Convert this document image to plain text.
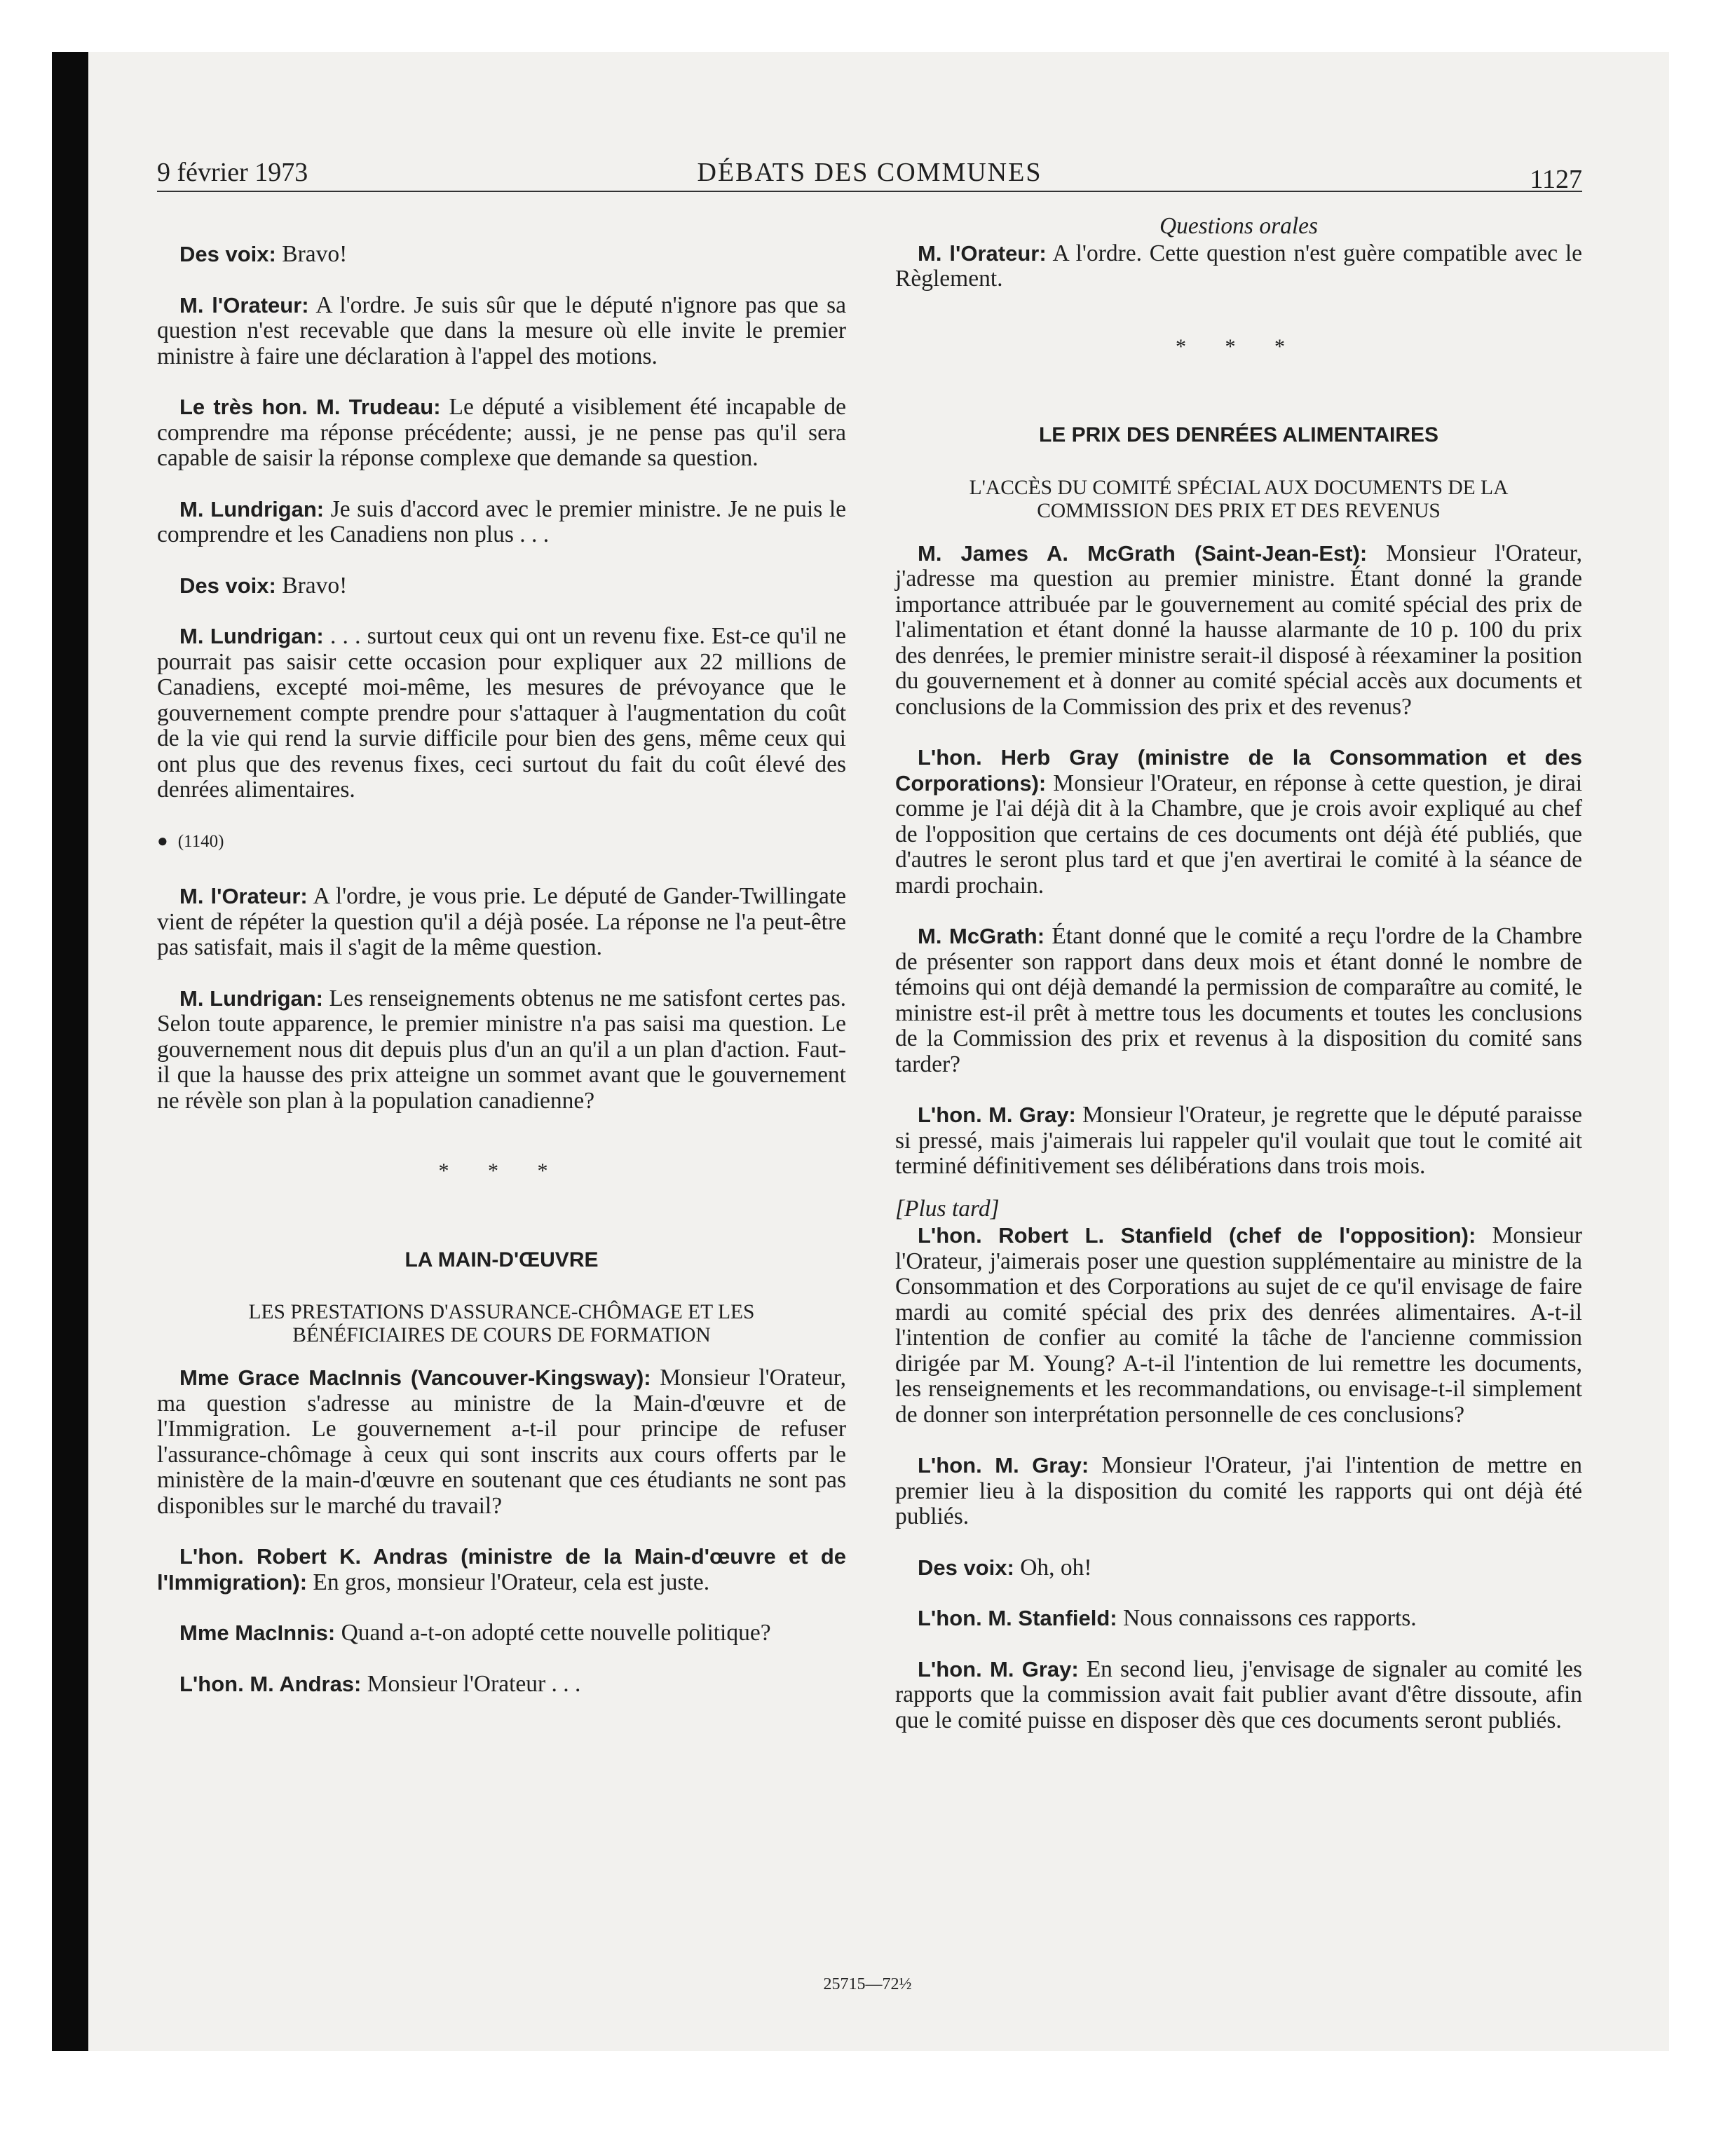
9 février 1973	DÉBATS DES COMMUNES	1127

Des voix: Bravo!

M. l'Orateur: A l'ordre. Je suis sûr que le député n'ignore pas que sa question n'est recevable que dans la mesure où elle invite le premier ministre à faire une déclaration à l'appel des motions.

Le très hon. M. Trudeau: Le député a visiblement été incapable de comprendre ma réponse précédente; aussi, je ne pense pas qu'il sera capable de saisir la réponse complexe que demande sa question.

M. Lundrigan: Je suis d'accord avec le premier ministre. Je ne puis le comprendre et les Canadiens non plus . . .

Des voix: Bravo!

M. Lundrigan: . . . surtout ceux qui ont un revenu fixe. Est-ce qu'il ne pourrait pas saisir cette occasion pour expliquer aux 22 millions de Canadiens, excepté moi-même, les mesures de prévoyance que le gouvernement compte prendre pour s'attaquer à l'augmentation du coût de la vie qui rend la survie difficile pour bien des gens, même ceux qui ont plus que des revenus fixes, ceci surtout du fait du coût élevé des denrées alimentaires.

● (1140)

M. l'Orateur: A l'ordre, je vous prie. Le député de Gander-Twillingate vient de répéter la question qu'il a déjà posée. La réponse ne l'a peut-être pas satisfait, mais il s'agit de la même question.

M. Lundrigan: Les renseignements obtenus ne me satisfont certes pas. Selon toute apparence, le premier ministre n'a pas saisi ma question. Le gouvernement nous dit depuis plus d'un an qu'il a un plan d'action. Faut-il que la hausse des prix atteigne un sommet avant que le gouvernement ne révèle son plan à la population canadienne?

* * *

LA MAIN-D'ŒUVRE

LES PRESTATIONS D'ASSURANCE-CHÔMAGE ET LES BÉNÉFICIAIRES DE COURS DE FORMATION

Mme Grace MacInnis (Vancouver-Kingsway): Monsieur l'Orateur, ma question s'adresse au ministre de la Main-d'œuvre et de l'Immigration. Le gouvernement a-t-il pour principe de refuser l'assurance-chômage à ceux qui sont inscrits aux cours offerts par le ministère de la main-d'œuvre en soutenant que ces étudiants ne sont pas disponibles sur le marché du travail?

L'hon. Robert K. Andras (ministre de la Main-d'œuvre et de l'Immigration): En gros, monsieur l'Orateur, cela est juste.

Mme MacInnis: Quand a-t-on adopté cette nouvelle politique?

L'hon. M. Andras: Monsieur l'Orateur . . .

Questions orales

M. l'Orateur: A l'ordre. Cette question n'est guère compatible avec le Règlement.

* * *

LE PRIX DES DENRÉES ALIMENTAIRES

L'ACCÈS DU COMITÉ SPÉCIAL AUX DOCUMENTS DE LA COMMISSION DES PRIX ET DES REVENUS

M. James A. McGrath (Saint-Jean-Est): Monsieur l'Orateur, j'adresse ma question au premier ministre. Étant donné la grande importance attribuée par le gouvernement au comité spécial des prix de l'alimentation et étant donné la hausse alarmante de 10 p. 100 du prix des denrées, le premier ministre serait-il disposé à réexaminer la position du gouvernement et à donner au comité spécial accès aux documents et conclusions de la Commission des prix et des revenus?

L'hon. Herb Gray (ministre de la Consommation et des Corporations): Monsieur l'Orateur, en réponse à cette question, je dirai comme je l'ai déjà dit à la Chambre, que je crois avoir expliqué au chef de l'opposition que certains de ces documents ont déjà été publiés, que d'autres le seront plus tard et que j'en avertirai le comité à la séance de mardi prochain.

M. McGrath: Étant donné que le comité a reçu l'ordre de la Chambre de présenter son rapport dans deux mois et étant donné le nombre de témoins qui ont déjà demandé la permission de comparaître au comité, le ministre est-il prêt à mettre tous les documents et toutes les conclusions de la Commission des prix et revenus à la disposition du comité sans tarder?

L'hon. M. Gray: Monsieur l'Orateur, je regrette que le député paraisse si pressé, mais j'aimerais lui rappeler qu'il voulait que tout le comité ait terminé définitivement ses délibérations dans trois mois.

[Plus tard]

L'hon. Robert L. Stanfield (chef de l'opposition): Monsieur l'Orateur, j'aimerais poser une question supplémentaire au ministre de la Consommation et des Corporations au sujet de ce qu'il envisage de faire mardi au comité spécial des prix des denrées alimentaires. A-t-il l'intention de confier au comité la tâche de l'ancienne commission dirigée par M. Young? A-t-il l'intention de lui remettre les documents, les renseignements et les recommandations, ou envisage-t-il simplement de donner son interprétation personnelle de ces conclusions?

L'hon. M. Gray: Monsieur l'Orateur, j'ai l'intention de mettre en premier lieu à la disposition du comité les rapports qui ont déjà été publiés.

Des voix: Oh, oh!

L'hon. M. Stanfield: Nous connaissons ces rapports.

L'hon. M. Gray: En second lieu, j'envisage de signaler au comité les rapports que la commission avait fait publier avant d'être dissoute, afin que le comité puisse en disposer dès que ces documents seront publiés.

25715—72½
